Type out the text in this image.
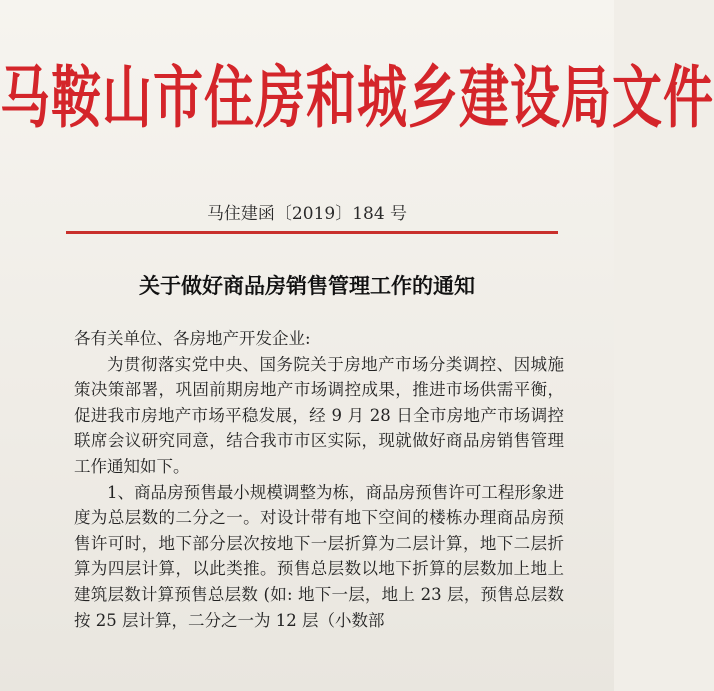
马鞍山市住房和城乡建设局文件
马住建函〔2019〕184 号
关于做好商品房销售管理工作的通知

各有关单位、各房地产开发企业:

为贯彻落实党中央、国务院关于房地产市场分类调控、因城施策决策部署，巩固前期房地产市场调控成果，推进市场供需平衡，促进我市房地产市场平稳发展，经 9 月 28 日全市房地产市场调控联席会议研究同意，结合我市市区实际，现就做好商品房销售管理工作通知如下。

1、商品房预售最小规模调整为栋，商品房预售许可工程形象进度为总层数的二分之一。对设计带有地下空间的楼栋办理商品房预售许可时，地下部分层次按地下一层折算为二层计算，地下二层折算为四层计算，以此类推。预售总层数以地下折算的层数加上地上建筑层数计算预售总层数 (如: 地下一层，地上 23 层，预售总层数按 25 层计算，二分之一为 12 层（小数部
